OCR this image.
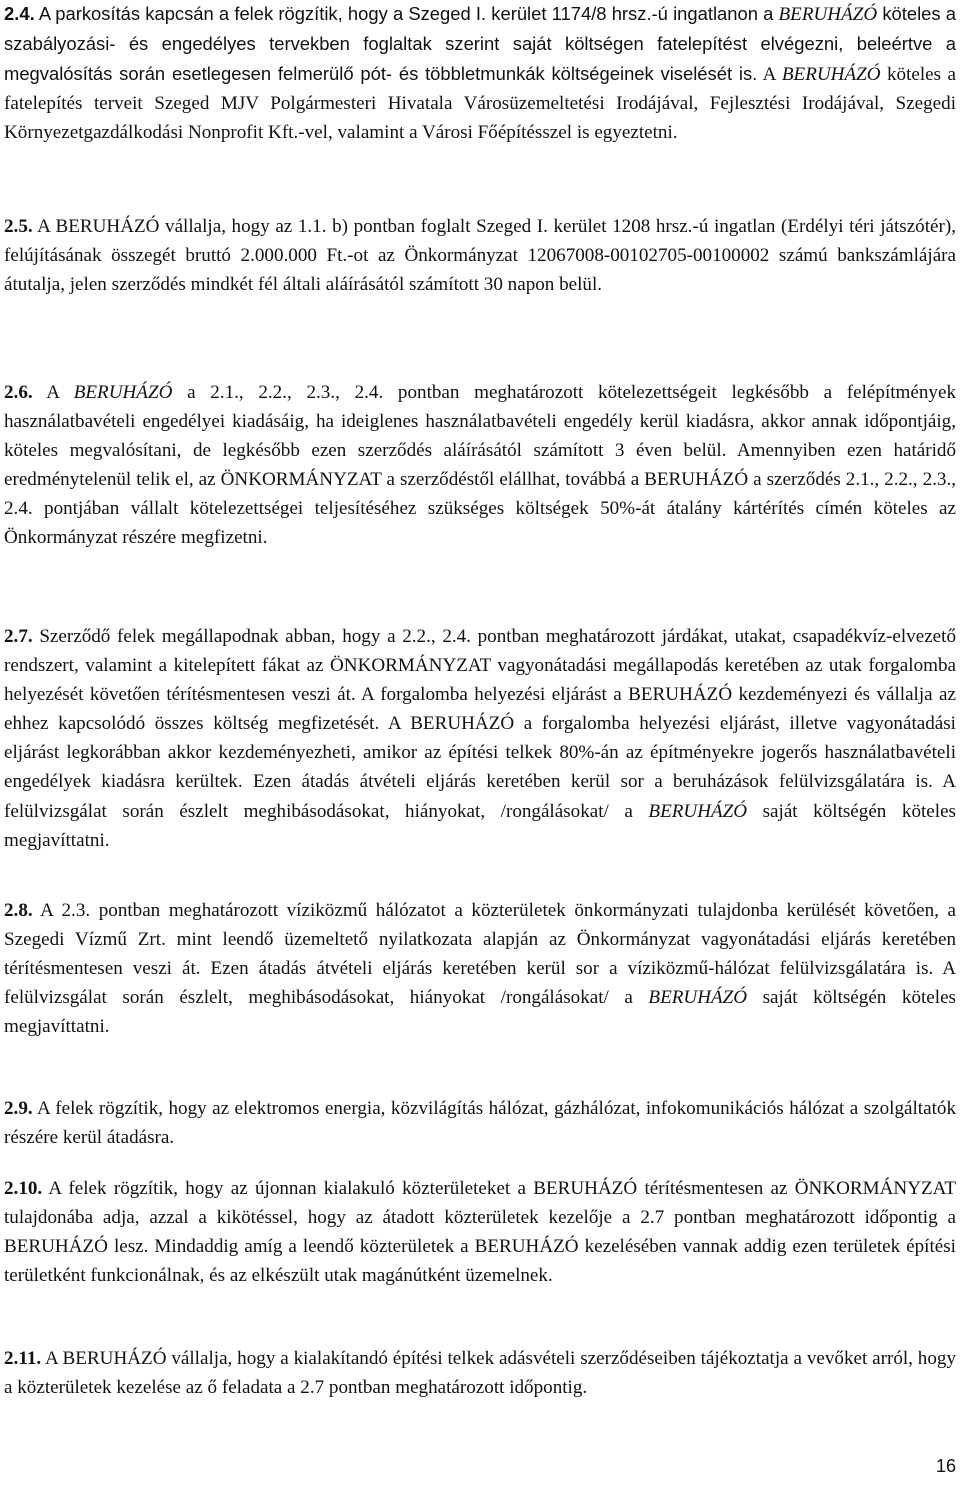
2.4. A parkosítás kapcsán a felek rögzítik, hogy a Szeged I. kerület 1174/8 hrsz.-ú ingatlanon a BERUHÁZÓ köteles a szabályozási- és engedélyes tervekben foglaltak szerint saját költségen fatelepítést elvégezni, beleértve a megvalósítás során esetlegesen felmerülő pót- és többletmunkák költségeinek viselését is. A BERUHÁZÓ köteles a fatelepítés terveit Szeged MJV Polgármesteri Hivatala Városüzemeltetési Irodájával, Fejlesztési Irodájával, Szegedi Környezetgazdálkodási Nonprofit Kft.-vel, valamint a Városi Főépítésszel is egyeztetni.

2.5. A BERUHÁZÓ vállalja, hogy az 1.1. b) pontban foglalt Szeged I. kerület 1208 hrsz.-ú ingatlan (Erdélyi téri játszótér), felújításának összegét bruttó 2.000.000 Ft.-ot az Önkormányzat 12067008-00102705-00100002 számú bankszámlájára átutalja, jelen szerződés mindkét fél általi aláírásától számított 30 napon belül.

2.6. A BERUHÁZÓ a 2.1., 2.2., 2.3., 2.4. pontban meghatározott kötelezettségeit legkésőbb a felépítmények használatbavételi engedélyei kiadásáig, ha ideiglenes használatbavételi engedély kerül kiadásra, akkor annak időpontjáig, köteles megvalósítani, de legkésőbb ezen szerződés aláírásától számított 3 éven belül. Amennyiben ezen határidő eredménytelenül telik el, az ÖNKORMÁNYZAT a szerződéstől elállhat, továbbá a BERUHÁZÓ a szerződés 2.1., 2.2., 2.3., 2.4. pontjában vállalt kötelezettségei teljesítéséhez szükséges költségek 50%-át átalány kártérítés címén köteles az Önkormányzat részére megfizetni.

2.7. Szerződő felek megállapodnak abban, hogy a 2.2., 2.4. pontban meghatározott járdákat, utakat, csapadékvíz-elvezető rendszert, valamint a kitelepített fákat az ÖNKORMÁNYZAT vagyonátadási megállapodás keretében az utak forgalomba helyezését követően térítésmentesen veszi át. A forgalomba helyezési eljárást a BERUHÁZÓ kezdeményezi és vállalja az ehhez kapcsolódó összes költség megfizetését. A BERUHÁZÓ a forgalomba helyezési eljárást, illetve vagyonátadási eljárást legkorábban akkor kezdeményezheti, amikor az építési telkek 80%-án az építményekre jogerős használatbavételi engedélyek kiadásra kerültek. Ezen átadás átvételi eljárás keretében kerül sor a beruházások felülvizsgálatára is. A felülvizsgálat során észlelt meghibásodásokat, hiányokat, /rongálásokat/ a BERUHÁZÓ saját költségén köteles megjavíttatni.

2.8. A 2.3. pontban meghatározott víziközmű hálózatot a közterületek önkormányzati tulajdonba kerülését követően, a Szegedi Vízmű Zrt. mint leendő üzemeltető nyilatkozata alapján az Önkormányzat vagyonátadási eljárás keretében térítésmentesen veszi át. Ezen átadás átvételi eljárás keretében kerül sor a víziközmű-hálózat felülvizsgálatára is. A felülvizsgálat során észlelt, meghibásodásokat, hiányokat /rongálásokat/ a BERUHÁZÓ saját költségén köteles megjavíttatni.

2.9. A felek rögzítik, hogy az elektromos energia, közvilágítás hálózat, gázhálózat, infokomunikációs hálózat a szolgáltatók részére kerül átadásra.

2.10. A felek rögzítik, hogy az újonnan kialakuló közterületeket a BERUHÁZÓ térítésmentesen az ÖNKORMÁNYZAT tulajdonába adja, azzal a kikötéssel, hogy az átadott közterületek kezelője a 2.7 pontban meghatározott időpontig a BERUHÁZÓ lesz. Mindaddig amíg a leendő közterületek a BERUHÁZÓ kezelésében vannak addig ezen területek építési területként funkcionálnak, és az elkészült utak magánútként üzemelnek.

2.11. A BERUHÁZÓ vállalja, hogy a kialakítandó építési telkek adásvételi szerződéseiben tájékoztatja a vevőket arról, hogy a közterületek kezelése az ő feladata a 2.7 pontban meghatározott időpontig.

16
